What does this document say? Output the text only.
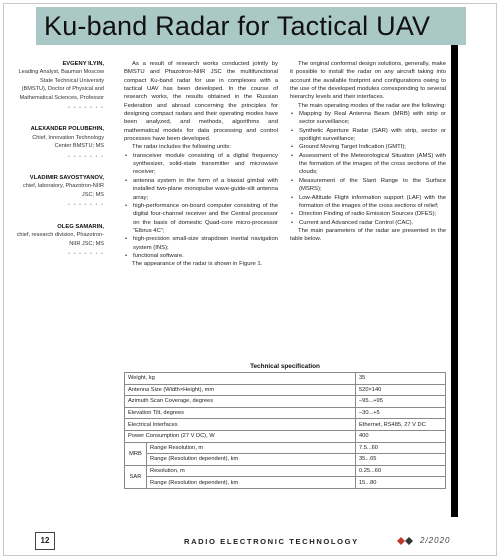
Ku-band Radar for Tactical UAV
EVGENY ILYIN,
Leading Analyst, Bauman Moscow State Technical University (BMSTU), Doctor of Physical and Mathematical Sciences, Professor
• • • • • • •
ALEXANDER POLUBEHIN,
Chief, Innovation Technology Center BMSTU; MS
• • • • • • •
VLADIMIR SAVOSTYANOV,
chief, laboratory, Phazotron-NIIR JSC; MS
• • • • • • •
OLEG SAMARIN,
chief, research division, Phazotron-NIIR JSC; MS
• • • • • • •

As a result of research works conducted jointly by BMSTU and Phazotron-NIIR JSC the multifunctional compact Ku-band radar for use in complexes with a tactical UAV has been developed. In the course of research works, the results obtained in the Russian Federation and abroad concerning the principles for designing compact radars and their operating modes have been analyzed, and methods, algorithms and mathematical models for data processing and control processes have been developed.

The radar includes the following units:

• transceiver module consisting of a digital frequency synthesizer, solid-state transmitter and microwave receiver;
• antenna system in the form of a biaxial gimbal with installed two-plane monopulse wave-guide-slit antenna array;
• high-performance on-board computer consisting of the digital four-channel receiver and the Central processor on the basis of domestic Quad-core micro-processor “Elbrus 4C”;
• high-precision small-size strapdown inertial navigation system (INS);
• functional software.

The appearance of the radar is shown in Figure 1.

The original conformal design solutions, generally, make it possible to install the radar on any aircraft taking into account the available footprint and configurations owing to the use of the developed modules corresponding to several hierarchy levels and their interfaces.

The main operating modes of the radar are the following:

• Mapping by Real Antenna Beam (MRB) with strip or sector surveillance;
• Synthetic Aperture Radar (SAR) with strip, sector or spotlight surveillance;
• Ground Moving Target Indication (GMTI);
• Assessment of the Meteorological Situation (AMS) with the formation of the images of the cross sections of the clouds;
• Measurement of the Slant Range to the Surface (MSRS);
• Low-Altitude Flight information support (LAF) with the formation of the images of the cross sections of relief;
• Direction Finding of radio Emission Sources (DFES);
• Current and Advanced radar Control (CAC).

The main parameters of the radar are presented in the table below.

Technical specification
Weight, kg		35
Antenna Size (Width×Height), mm		520×140
Azimuth Scan Coverage, degrees		–95...+95
Elevation Tilt, degrees		–30...+5
Electrical Interfaces		Ethernet, RS485, 27 V DC
Power Consumption (27 V DC), W		400
MRB	Range Resolution, m	7.5...60
	Range (Resolution dependent), km	35...65
SAR	Resolution, m	0.25...60
	Range (Resolution dependent), km	15...80
12	RADIO ELECTRONIC TECHNOLOGY	2/2020
